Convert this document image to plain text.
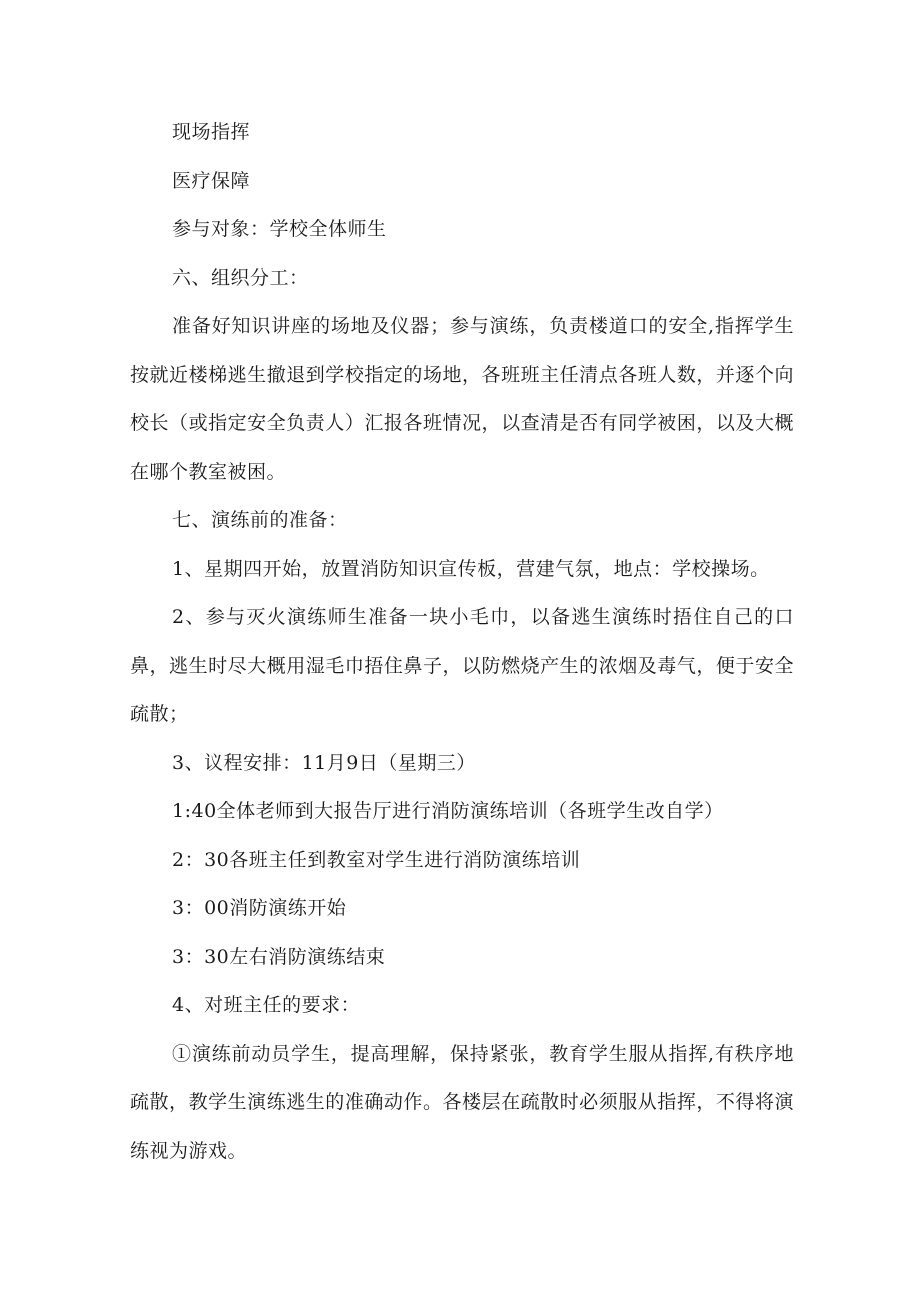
现场指挥

医疗保障

参与对象：学校全体师生

六、组织分工：

准备好知识讲座的场地及仪器；参与演练，负责楼道口的安全,指挥学生按就近楼梯逃生撤退到学校指定的场地，各班班主任清点各班人数，并逐个向校长（或指定安全负责人）汇报各班情况，以查清是否有同学被困，以及大概在哪个教室被困。

七、演练前的准备：

1、星期四开始，放置消防知识宣传板，营建气氛，地点：学校操场。

2、参与灭火演练师生准备一块小毛巾，以备逃生演练时捂住自己的口鼻，逃生时尽大概用湿毛巾捂住鼻子，以防燃烧产生的浓烟及毒气，便于安全疏散；

3、议程安排：11月9日（星期三）

1:40全体老师到大报告厅进行消防演练培训（各班学生改自学）

2：30各班主任到教室对学生进行消防演练培训

3：00消防演练开始

3：30左右消防演练结束

4、对班主任的要求：

①演练前动员学生，提高理解，保持紧张，教育学生服从指挥,有秩序地疏散，教学生演练逃生的准确动作。各楼层在疏散时必须服从指挥，不得将演练视为游戏。
